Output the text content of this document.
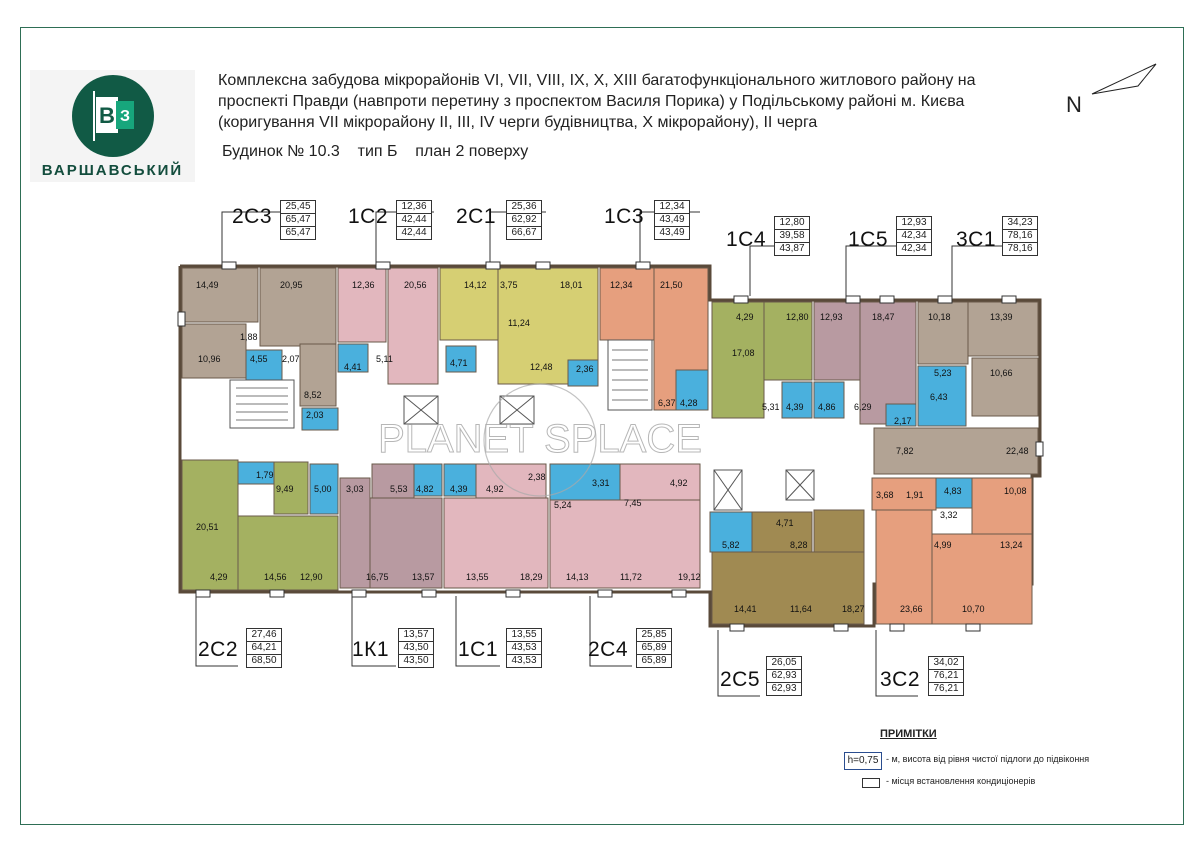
В З
ВАРШАВСЬКИЙ
Комплексна забудова мікрорайонів VI, VII, VIII, IX, X, XIII багатофункціонального житлового району на
проспекті Правди (навпроти перетину з проспектом Василя Порика) у Подільському районі м. Києва
(коригування VII мікрорайону II, III, IV черги будівництва, X мікрорайону), II черга
Будинок № 10.3 тип Б план 2 поверху
N
PLANET SPLACE
14,49	20,95
1,88
10,96	4,55 2,07
8,52
2,03
12,36	20,56
4,41
5,11
14,12 3,75	18,01
11,24
4,71	12,48
12,34	21,50
2,36
6,37 4,28
4,29	12,80
17,08
5,31 4,39
12,93	18,47
4,86 6,29
2,17
10,18	13,39
5,23	10,66
6,43
7,82	22,48
1,79
9,49 5,00
20,51
4,29	14,56 12,90
3,03	5,53 4,82
16,75	13,57
4,39 4,92
13,55	18,29
2,38
3,31
5,24	7,45
14,13	11,72
4,92
19,12
4,71
5,82	8,28
14,41	11,64	18,27
3,68 1,91 4,83	10,08
3,32
4,99	13,24
23,66	10,70
2С3	25,45
65,47
65,47
1С2	12,36
42,44
42,44
2С1	25,36
62,92
66,67
1С3	12,34
43,49
43,49 1С4
12,80
39,58
43,87 1С5
12,93
42,34
42,34 3С1
34,23
78,16
78,16
2С2
27,46
64,21
68,50	1К1
13,57
43,50
43,50 1С1
13,55
43,53
43,53 2С4
25,85
65,89
65,89
2С5
26,05
62,93
62,93	3С2
34,02
76,21
76,21
ПРИМІТКИ
h=0,75 - м, висота від рівня чистої підлоги до підвіконня
- місця встановлення кондиціонерів
